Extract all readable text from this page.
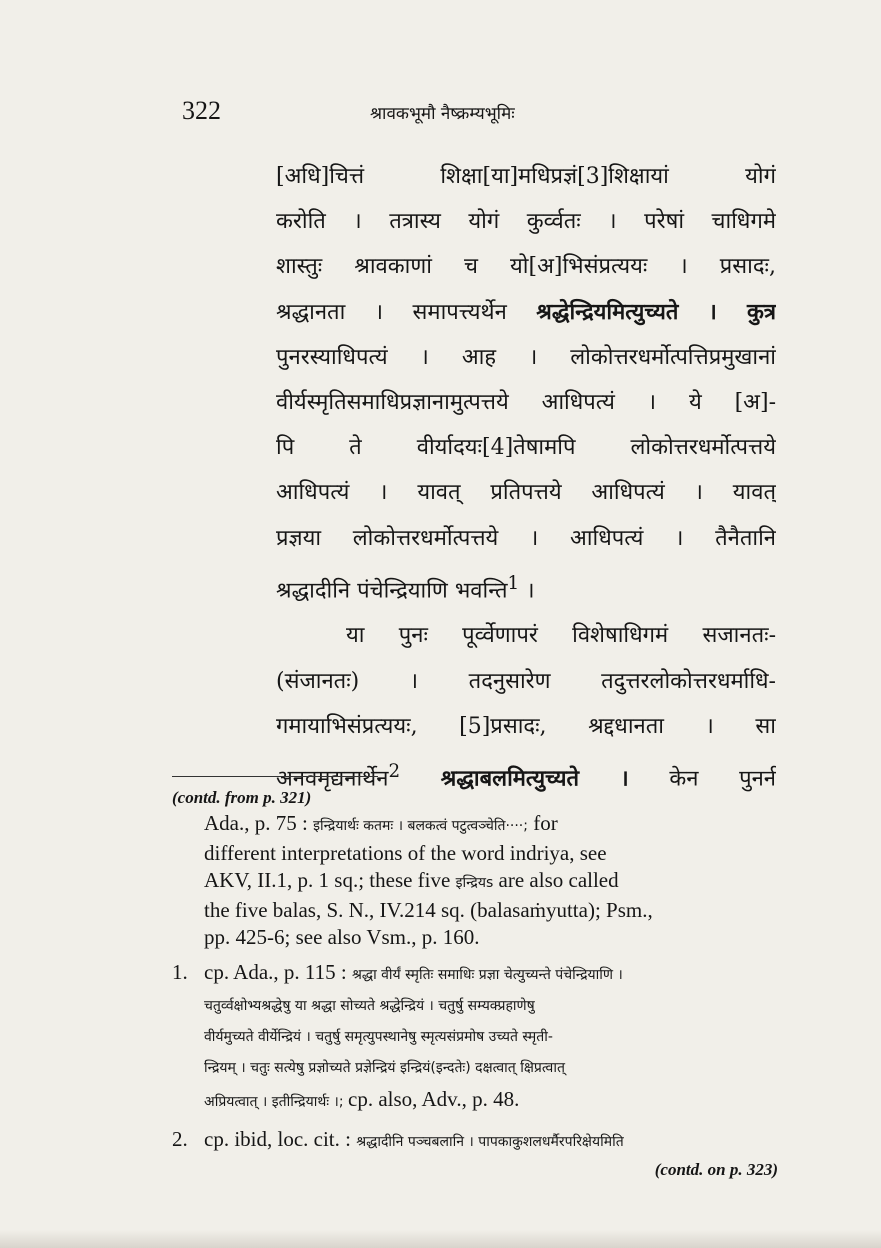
322	श्रावकभूमौ नैष्क्रम्यभूमिः
[अधि]चित्तं शिक्षा[या]मधिप्रज्ञं[3]शिक्षायां योगं
करोति । तत्रास्य योगं कुर्व्वतः । परेषां चाधिगमे
शास्तुः श्रावकाणां च यो[अ]भिसंप्रत्ययः । प्रसादः,
श्रद्धानता । समापत्त्यर्थेन श्रद्धेन्द्रियमित्युच्यते । कुत्र
पुनरस्याधिपत्यं । आह । लोकोत्तरधर्मोत्पत्तिप्रमुखानां
वीर्यस्मृतिसमाधिप्रज्ञानामुत्पत्तये आधिपत्यं । ये [अ]-
पि ते वीर्यादयः[4]तेषामपि लोकोत्तरधर्मोत्पत्तये
आधिपत्यं । यावत् प्रतिपत्तये आधिपत्यं । यावत्
प्रज्ञया लोकोत्तरधर्मोत्पत्तये । आधिपत्यं । तैनैतानि
श्रद्धादीनि पंचेन्द्रियाणि भवन्ति$^1$ ।
या पुनः पूर्व्वेणापरं विशेषाधिगमं सजानतः-
(संजानतः) । तदनुसारेण तदुत्तरलोकोत्तरधर्माधि-
गमायाभिसंप्रत्ययः, [5]प्रसादः, श्रद्दधानता । सा
अनवमृद्यनार्थेन$^2$ श्रद्धाबलमित्युच्यते । केन पुनर्न
(contd. from p. 321)
Ada., p. 75 : इन्द्रियार्थः कतमः । बलकत्वं पटुत्वञ्चेति····; for
different interpretations of the word indriya, see
AKV, II.1, p. 1 sq.; these five इन्द्रियs are also called
the five balas, S. N., IV.214 sq. (balasaṁyutta); Psm.,
pp. 425-6; see also Vsm., p. 160.
1. cp. Ada., p. 115 : श्रद्धा वीर्यं स्मृतिः समाधिः प्रज्ञा चेत्युच्यन्ते पंचेन्द्रियाणि ।
चतुर्व्वक्षोभ्यश्रद्धेषु या श्रद्धा सोच्यते श्रद्धेन्द्रियं । चतुर्षु सम्यक्प्रहाणेषु
वीर्यमुच्यते वीर्येन्द्रियं । चतुर्षु समृत्युपस्थानेषु स्मृत्यसंप्रमोष उच्यते स्मृती-
न्द्रियम् । चतुः सत्येषु प्रज्ञोच्यते प्रज्ञेन्द्रियं इन्द्रियं(इन्दतेः) दक्षत्वात् क्षिप्रत्वात्
अप्रियत्वात् । इतीन्द्रियार्थः ।; cp. also, Adv., p. 48.
2. cp. ibid, loc. cit. : श्रद्धादीनि पञ्चबलानि । पापकाकुशलधर्मैरपरिक्षेयमिति
(contd. on p. 323)
